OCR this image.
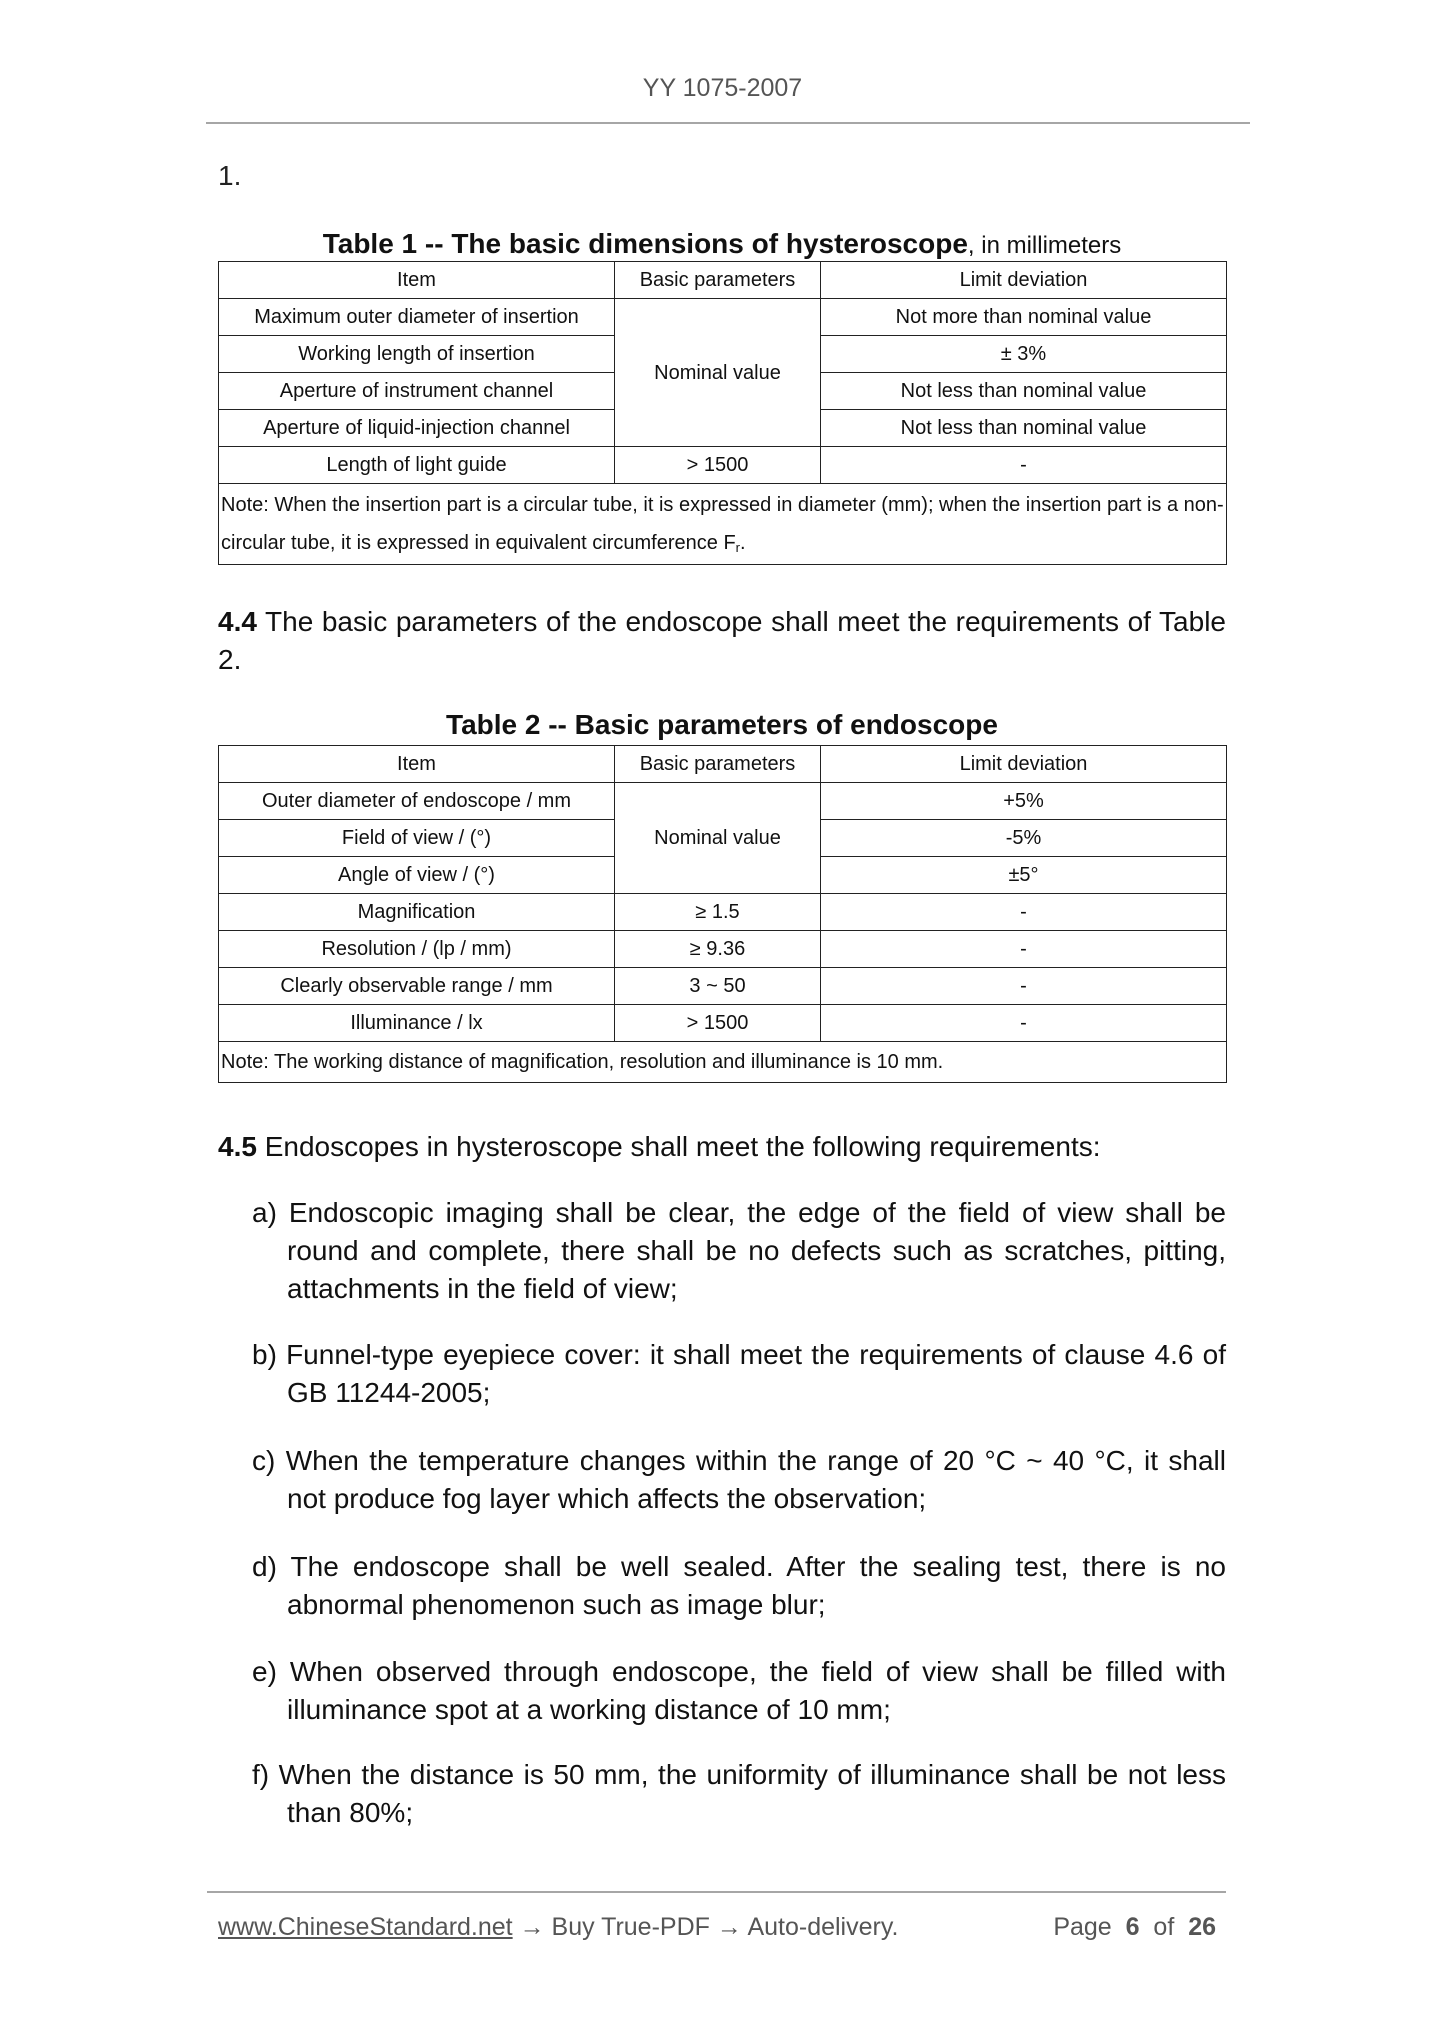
YY 1075-2007
1.
Table 1 -- The basic dimensions of hysteroscope, in millimeters
Item	Basic parameters	Limit deviation
Maximum outer diameter of insertion	Nominal value	Not more than nominal value
Working length of insertion		± 3%
Aperture of instrument channel		Not less than nominal value
Aperture of liquid-injection channel		Not less than nominal value
Length of light guide	> 1500	-
Note: When the insertion part is a circular tube, it is expressed in diameter (mm); when the insertion part is a non-circular tube, it is expressed in equivalent circumference $F_r$.		
4.4 The basic parameters of the endoscope shall meet the requirements of Table 2.
Table 2 -- Basic parameters of endoscope
Item	Basic parameters	Limit deviation
Outer diameter of endoscope / mm	Nominal value	+5%
Field of view / (°)		-5%
Angle of view / (°)		±5°
Magnification	≥ 1.5	-
Resolution / (lp / mm)	≥ 9.36	-
Clearly observable range / mm	3 ~ 50	-
Illuminance / lx	> 1500	-
Note: The working distance of magnification, resolution and illuminance is 10 mm.		
4.5 Endoscopes in hysteroscope shall meet the following requirements:
a) Endoscopic imaging shall be clear, the edge of the field of view shall be round and complete, there shall be no defects such as scratches, pitting, attachments in the field of view;
b) Funnel-type eyepiece cover: it shall meet the requirements of clause 4.6 of GB 11244-2005;
c) When the temperature changes within the range of 20 °C ~ 40 °C, it shall not produce fog layer which affects the observation;
d) The endoscope shall be well sealed. After the sealing test, there is no abnormal phenomenon such as image blur;
e) When observed through endoscope, the field of view shall be filled with illuminance spot at a working distance of 10 mm;
f) When the distance is 50 mm, the uniformity of illuminance shall be not less than 80%;
www.ChineseStandard.net → Buy True-PDF → Auto-delivery.	Page 6 of 26
